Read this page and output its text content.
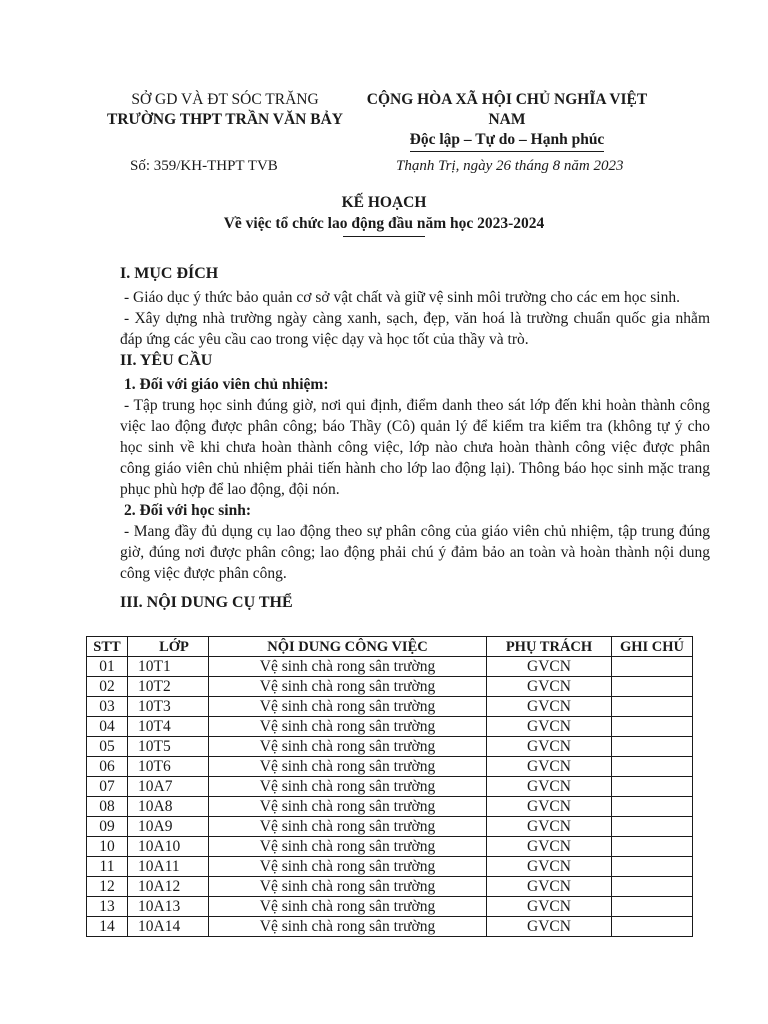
SỞ GD VÀ ĐT SÓC TRĂNG
TRƯỜNG THPT TRẦN VĂN BẢY
CỘNG HÒA XÃ HỘI CHỦ NGHĨA VIỆT NAM
Độc lập – Tự do – Hạnh phúc
Số: 359/KH-THPT TVB	Thạnh Trị, ngày 26 tháng 8 năm 2023
KẾ HOẠCH
Về việc tổ chức lao động đầu năm học 2023-2024

I. MỤC ĐÍCH

- Giáo dục ý thức bảo quản cơ sở vật chất và giữ vệ sinh môi trường cho các em học sinh.

- Xây dựng nhà trường ngày càng xanh, sạch, đẹp, văn hoá là trường chuẩn quốc gia nhằm đáp ứng các yêu cầu cao trong việc dạy và học tốt của thầy và trò.

II. YÊU CẦU

1. Đối với giáo viên chủ nhiệm:

- Tập trung học sinh đúng giờ, nơi qui định, điểm danh theo sát lớp đến khi hoàn thành công việc lao động được phân công; báo Thầy (Cô) quản lý để kiểm tra kiểm tra (không tự ý cho học sinh về khi chưa hoàn thành công việc, lớp nào chưa hoàn thành công việc được phân công giáo viên chủ nhiệm phải tiến hành cho lớp lao động lại). Thông báo học sinh mặc trang phục phù hợp để lao động, đội nón.

2. Đối với học sinh:

- Mang đầy đủ dụng cụ lao động theo sự phân công của giáo viên chủ nhiệm, tập trung đúng giờ, đúng nơi được phân công; lao động phải chú ý đảm bảo an toàn và hoàn thành nội dung công việc được phân công.

III. NỘI DUNG CỤ THỂ

STT	LỚP	NỘI DUNG CÔNG VIỆC	PHỤ TRÁCH	GHI CHÚ
01	10T1	Vệ sinh chà rong sân trường	GVCN	
02	10T2	Vệ sinh chà rong sân trường	GVCN	
03	10T3	Vệ sinh chà rong sân trường	GVCN	
04	10T4	Vệ sinh chà rong sân trường	GVCN	
05	10T5	Vệ sinh chà rong sân trường	GVCN	
06	10T6	Vệ sinh chà rong sân trường	GVCN	
07	10A7	Vệ sinh chà rong sân trường	GVCN	
08	10A8	Vệ sinh chà rong sân trường	GVCN	
09	10A9	Vệ sinh chà rong sân trường	GVCN	
10	10A10	Vệ sinh chà rong sân trường	GVCN	
11	10A11	Vệ sinh chà rong sân trường	GVCN	
12	10A12	Vệ sinh chà rong sân trường	GVCN	
13	10A13	Vệ sinh chà rong sân trường	GVCN	
14	10A14	Vệ sinh chà rong sân trường	GVCN	
